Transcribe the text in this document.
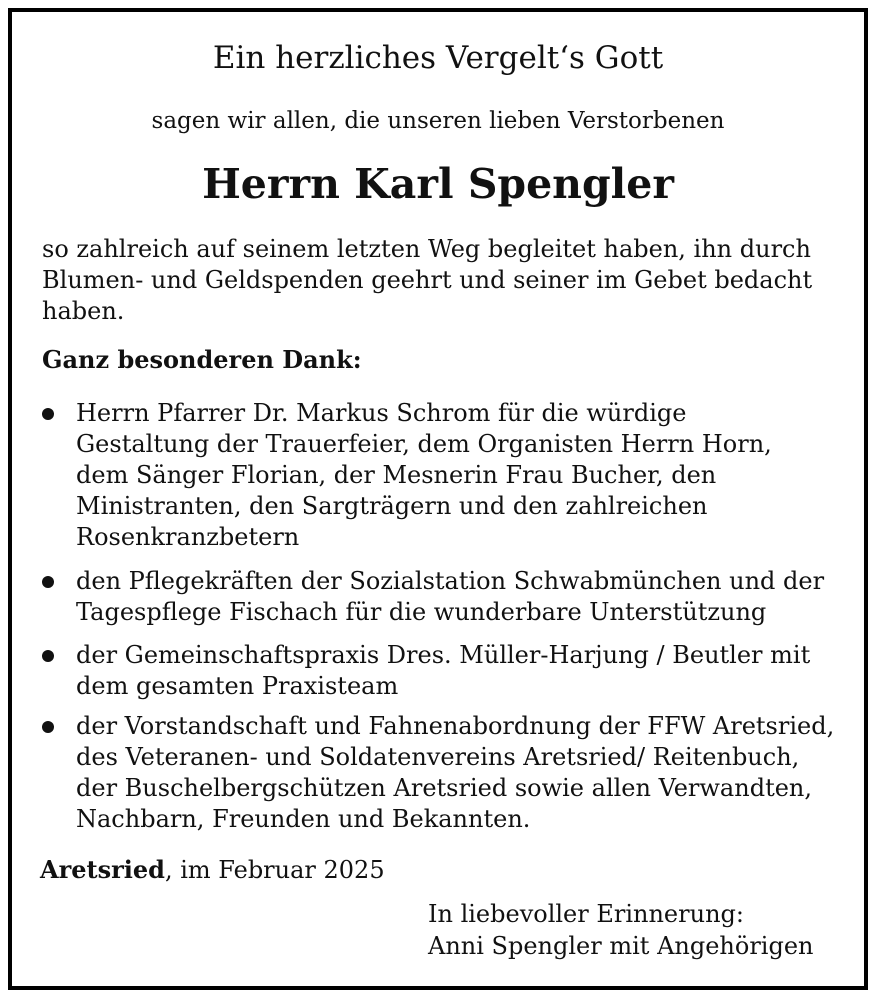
Ein herzliches Vergelt‘s Gott
sagen wir allen, die unseren lieben Verstorbenen
Herrn Karl Spengler
so zahlreich auf seinem letzten Weg begleitet haben, ihn durch Blumen- und Geldspenden geehrt und seiner im Gebet bedacht haben.
Ganz besonderen Dank:
Herrn Pfarrer Dr. Markus Schrom für die würdige Gestaltung der Trauerfeier, dem Organisten Herrn Horn, dem Sänger Florian, der Mesnerin Frau Bucher, den Ministranten, den Sargträgern und den zahlreichen Rosenkranzbetern
den Pflegekräften der Sozialstation Schwabmünchen und der Tagespflege Fischach für die wunderbare Unterstützung
der Gemeinschaftspraxis Dres. Müller-Harjung / Beutler mit dem gesamten Praxisteam
der Vorstandschaft und Fahnenabordnung der FFW Aretsried, des Veteranen- und Soldatenvereins Aretsried/ Reitenbuch, der Buschelbergschützen Aretsried sowie allen Verwandten, Nachbarn, Freunden und Bekannten.
Aretsried, im Februar 2025
In liebevoller Erinnerung:
Anni Spengler mit Angehörigen
